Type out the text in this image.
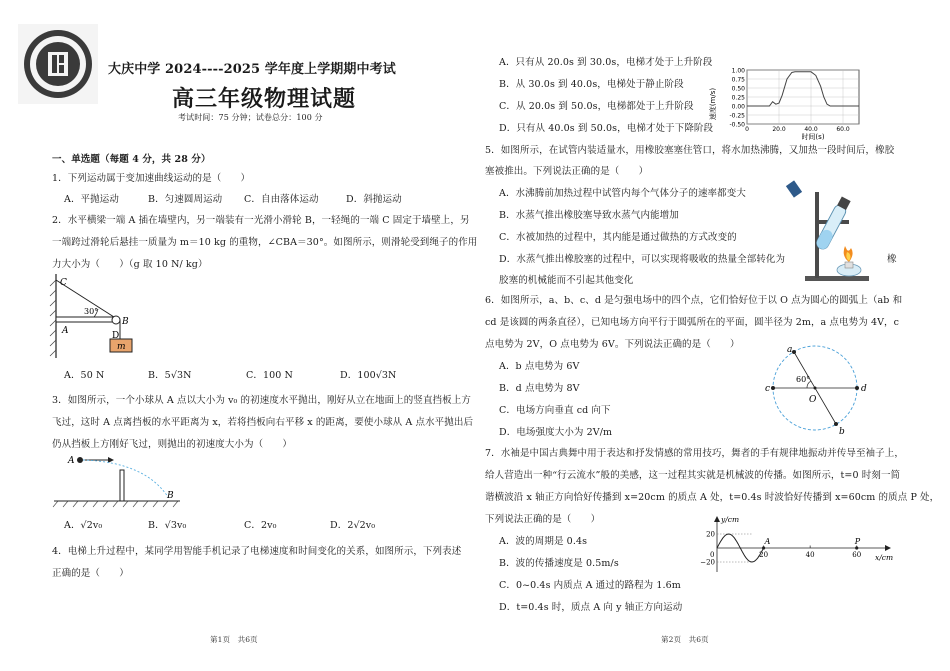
大庆中学 2024----2025 学年度上学期期中考试
高三年级物理试题
考试时间：75 分钟；试卷总分：100 分
一、单选题（每题 4 分，共 28 分）
1．下列运动属于变加速曲线运动的是（　　）
A．平抛运动	B．匀速圆周运动 C．自由落体运动	D．斜抛运动
2．水平横梁一端 A 插在墙壁内，另一端装有一光滑小滑轮 B，一轻绳的一端 C 固定于墙壁上，另
一端跨过滑轮后悬挂一质量为 m＝10 kg 的重物，∠CBA＝30°。如图所示，则滑轮受到绳子的作用
力大小为（　　）（g 取 10 N/ kg）
C
A
B
D
m
30°
A．50 N	B．5√3N	C．100 N	D．100√3N
3．如图所示，一个小球从 A 点以大小为 v₀ 的初速度水平抛出，刚好从立在地面上的竖直挡板上方
飞过，这时 A 点离挡板的水平距离为 x，若将挡板向右平移 x 的距离，要使小球从 A 点水平抛出后
仍从挡板上方刚好飞过，则抛出的初速度大小为（　　）
A
B
A．√2v₀	B．√3v₀	C．2v₀	D．2√2v₀
4．电梯上升过程中，某同学用智能手机记录了电梯速度和时间变化的关系，如图所示，下列表述
正确的是（　　）
第1页　共6页
A．只有从 20.0s 到 30.0s，电梯才处于上升阶段
B．从 30.0s 到 40.0s，电梯处于静止阶段
C．从 20.0s 到 50.0s，电梯都处于上升阶段
D．只有从 40.0s 到 50.0s，电梯才处于下降阶段
1.00
0.75
0.50
0.25
0.00
-0.25
-0.50
0	20.0	40.0	60.0
速度(m/s)
时间(s)
5．如图所示，在试管内装适量水，用橡胶塞塞住管口，将水加热沸腾，又加热一段时间后，橡胶
塞被推出。下列说法正确的是（　　）
A．水沸腾前加热过程中试管内每个气体分子的速率都变大
B．水蒸气推出橡胶塞导致水蒸气内能增加
C．水被加热的过程中，其内能是通过做热的方式改变的
D．水蒸气推出橡胶塞的过程中，可以实现将吸收的热量全部转化为	橡
胶塞的机械能而不引起其他变化
6．如图所示，a、b、c、d 是匀强电场中的四个点，它们恰好位于以 O 点为圆心的圆弧上（ab 和
cd 是该圆的两条直径），已知电场方向平行于圆弧所在的平面，圆半径为 2m，a 点电势为 4V，c
点电势为 2V，O 点电势为 6V。下列说法正确的是（　　）
A．b 点电势为 6V
B．d 点电势为 8V
C．电场方向垂直 cd 向下
D．电场强度大小为 2V/m
a
b
c	d
O
60°
7．水袖是中国古典舞中用于表达和抒发情感的常用技巧，舞者的手有规律地振动并传导至袖子上，
给人营造出一种“行云流水”般的美感，这一过程其实就是机械波的传播。如图所示，t=0 时刻一简
谐横波沿 x 轴正方向恰好传播到 x=20cm 的质点 A 处，t=0.4s 时波恰好传播到 x=60cm 的质点 P 处，
下列说法正确的是（　　）
A．波的周期是 0.4s
B．波的传播速度是 0.5m/s
C．0~0.4s 内质点 A 通过的路程为 1.6m
D．t=0.4s 时，质点 A 向 y 轴正方向运动
0	20	40	60
20
−20
A	P
y/cm
x/cm
第2页　共6页
